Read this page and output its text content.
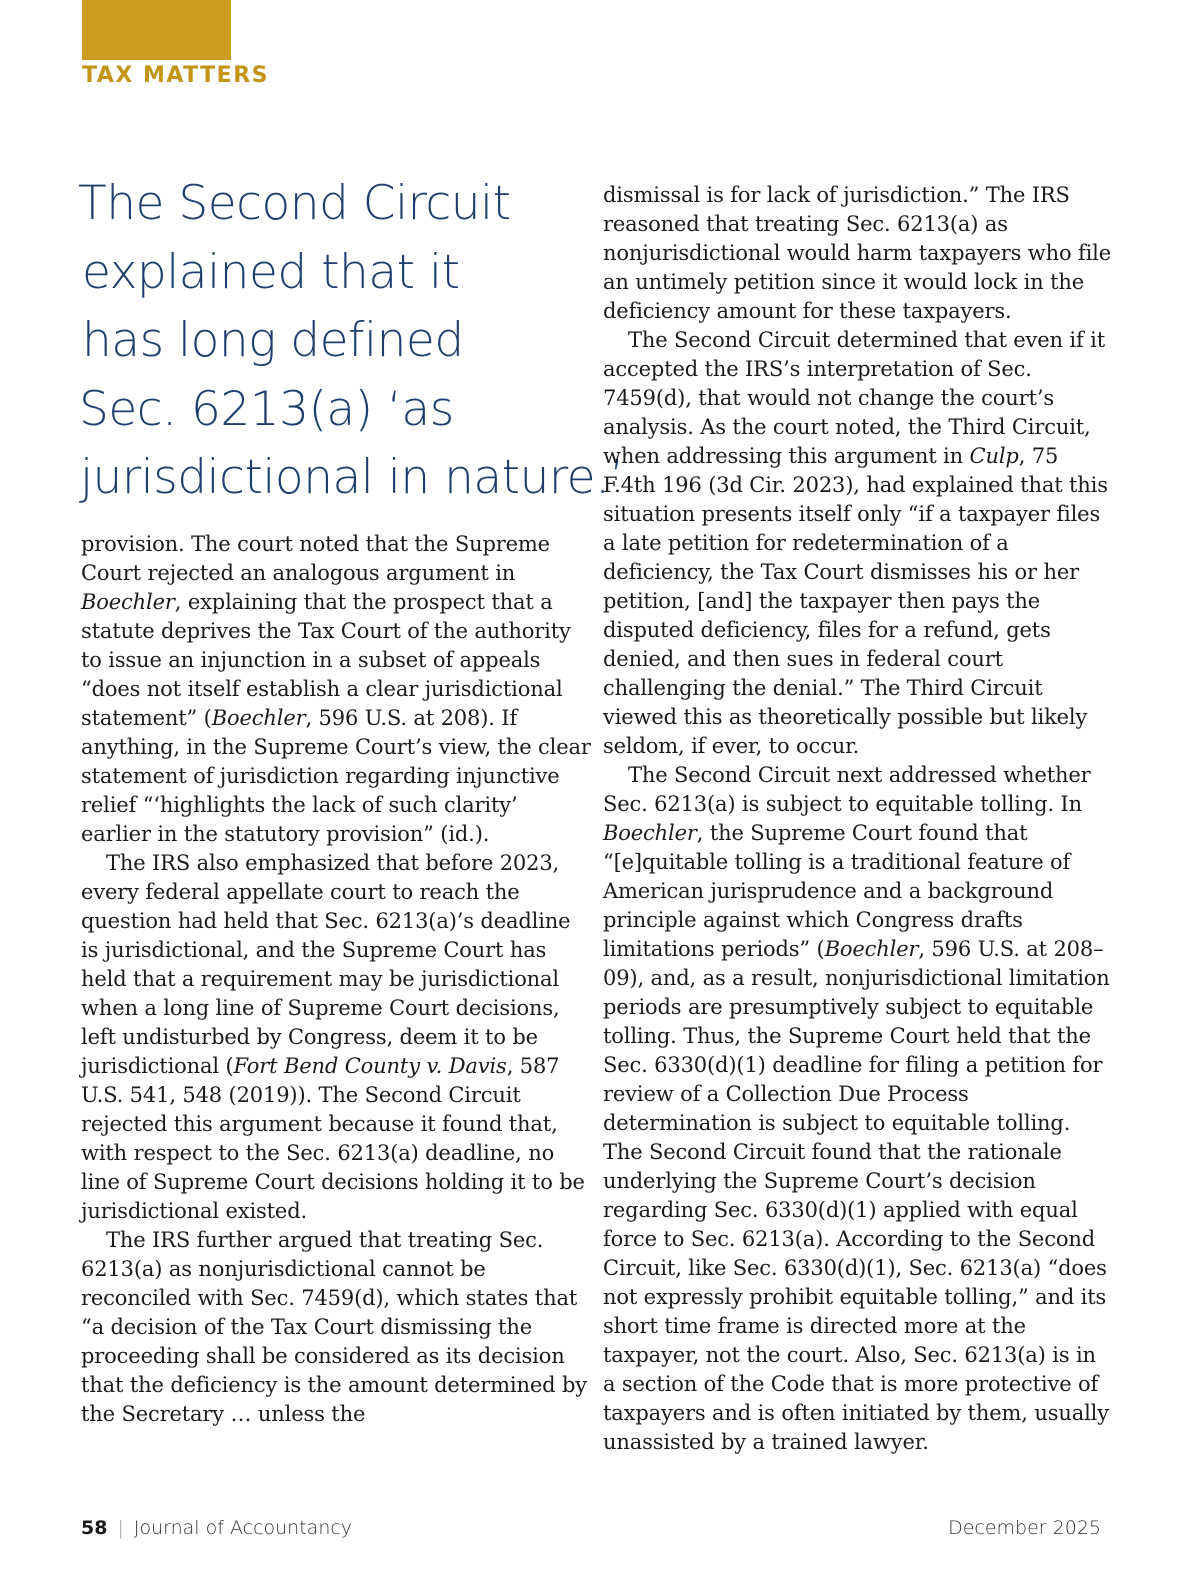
TAX MATTERS
The Second Circuit
explained that it
has long defined
Sec. 6213(a) ‘as
jurisdictional in nature.’

provision. The court noted that the Supreme Court rejected an analogous argument in Boechler, explaining that the prospect that a statute deprives the Tax Court of the authority to issue an injunction in a subset of appeals “does not itself establish a clear jurisdictional statement” (Boechler, 596 U.S. at 208). If anything, in the Supreme Court’s view, the clear statement of jurisdiction regarding injunctive relief “‘highlights the lack of such clarity’ earlier in the statutory provision” (id.).

The IRS also emphasized that before 2023, every federal appellate court to reach the question had held that Sec. 6213(a)’s deadline is jurisdictional, and the Supreme Court has held that a requirement may be jurisdictional when a long line of Supreme Court decisions, left undisturbed by Congress, deem it to be jurisdictional (Fort Bend County v. Davis, 587 U.S. 541, 548 (2019)). The Second Circuit rejected this argument because it found that, with respect to the Sec. 6213(a) deadline, no line of Supreme Court decisions holding it to be jurisdictional existed.

The IRS further argued that treating Sec. 6213(a) as nonjurisdictional cannot be reconciled with Sec. 7459(d), which states that “a decision of the Tax Court dismissing the proceeding shall be considered as its decision that the deficiency is the amount determined by the Secretary … unless the

dismissal is for lack of jurisdiction.” The IRS reasoned that treating Sec. 6213(a) as nonjurisdictional would harm taxpayers who file an untimely petition since it would lock in the deficiency amount for these taxpayers.

The Second Circuit determined that even if it accepted the IRS’s interpretation of Sec. 7459(d), that would not change the court’s analysis. As the court noted, the Third Circuit, when addressing this argument in Culp, 75 F.4th 196 (3d Cir. 2023), had explained that this situation presents itself only “if a taxpayer files a late petition for redetermination of a deficiency, the Tax Court dismisses his or her petition, [and] the taxpayer then pays the disputed deficiency, files for a refund, gets denied, and then sues in federal court challenging the denial.” The Third Circuit viewed this as theoretically possible but likely seldom, if ever, to occur.

The Second Circuit next addressed whether Sec. 6213(a) is subject to equitable tolling. In Boechler, the Supreme Court found that “[e]quitable tolling is a traditional feature of American jurisprudence and a background principle against which Congress drafts limitations periods” (Boechler, 596 U.S. at 208–09), and, as a result, nonjurisdictional limitation periods are presumptively subject to equitable tolling. Thus, the Supreme Court held that the Sec. 6330(d)(1) deadline for filing a petition for review of a Collection Due Process determination is subject to equitable tolling. The Second Circuit found that the rationale underlying the Supreme Court’s decision regarding Sec. 6330(d)(1) applied with equal force to Sec. 6213(a). According to the Second Circuit, like Sec. 6330(d)(1), Sec. 6213(a) “does not expressly prohibit equitable tolling,” and its short time frame is directed more at the taxpayer, not the court. Also, Sec. 6213(a) is in a section of the Code that is more protective of taxpayers and is often initiated by them, usually unassisted by a trained lawyer.

58 | Journal of Accountancy	December 2025
